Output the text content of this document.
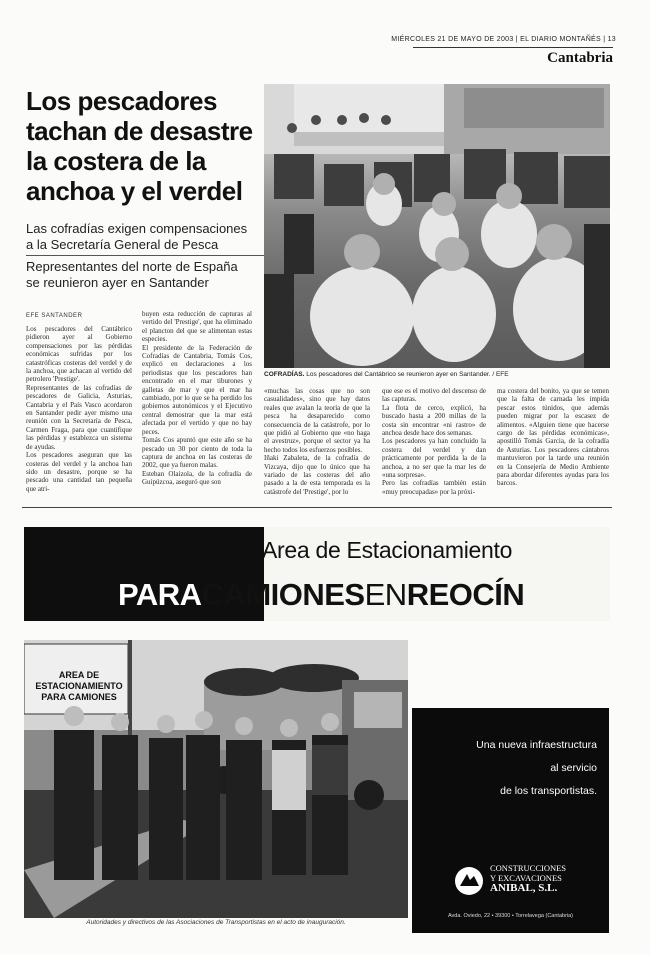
MIÉRCOLES 21 DE MAYO DE 2003 | EL DIARIO MONTAÑÉS | 13
Cantabria
Los pescadores
tachan de desastre
la costera de la
anchoa y el verdel
Las cofradías exigen compensaciones
a la Secretaría General de Pesca
Representantes del norte de España
se reunieron ayer en Santander
EFE SANTANDER
Los pescadores del Cantábrico pidieron ayer al Gobierno compensaciones por las pérdidas económicas sufridas por los catastróficas costeras del verdel y de la anchoa, que achacan al vertido del petrolero 'Prestige'.
Representantes de las cofradías de pescadores de Galicia, Asturias, Cantabria y el País Vasco acordaron en Santander pedir ayer mismo una reunión con la Secretaría de Pesca, Carmen Fraga, para que cuantifique las pérdidas y establezca un sistema de ayudas.
Los pescadores aseguran que las costeras del verdel y la anchoa han sido un desastre, porque se ha pescado una cantidad tan pequeña que atri-
buyen esta reducción de capturas al vertido del 'Prestige', que ha eliminado el plancton del que se alimentan estas especies.
El presidente de la Federación de Cofradías de Cantabria, Tomás Cos, explicó en declaraciones a los periodistas que los pescadores han encontrado en el mar tiburones y galletas de mar y que el mar ha cambiado, por lo que se ha perdido los gobiernos autonómicos y el Ejecutivo central demostrar que la mar está afectada por el vertido y que no hay peces.
Tomás Cos apuntó que este año se ha pescado un 30 por ciento de toda la captura de anchoa en las costeras de 2002, que ya fueron malas.
Esteban Olaizola, de la cofradía de Guipúzcoa, aseguró que son
«muchas las cosas que no son casualidades», sino que hay datos reales que avalan la teoría de que la pesca ha desaparecido como consecuencia de la catástrofe, por lo que pidió al Gobierno que «no haga el avestruz», porque el sector ya ha hecho todos los esfuerzos posibles.
Iñaki Zabaleta, de la cofradía de Vizcaya, dijo que lo único que ha variado de las costeras del año pasado a la de esta temporada es la catástrofe del 'Prestige', por lo
que ese es el motivo del descenso de las capturas.
La flota de cerco, explicó, ha buscado hasta a 200 millas de la costa sin encontrar «ni rastro» de anchoa desde hace dos semanas.
Los pescadores ya han concluido la costera del verdel y dan prácticamente por perdida la de la anchoa, a no ser que la mar les de «una sorpresa».
Pero las cofradías también están «muy preocupadas» por la próxi-
ma costera del bonito, ya que se temen que la falta de carnada les impida pescar estos túnidos, que además pueden migrar por la escasez de alimentos. «Alguien tiene que hacerse cargo de las pérdidas económicas», apostilló Tomás Garcia, de la cofradía de Asturias. Los pescadores cántabros mantuvieron por la tarde una reunión en la Consejería de Medio Ambiente para abordar diferentes ayudas para los barcos.
COFRADÍAS. Los pescadores del Cantábrico se reunieron ayer en Santander. / EFE
Area de Estacionamiento
PARACAMIONESENREOCÍN
AREA DE
ESTACIONAMIENTO
PARA CAMIONES
Autoridades y directivos de las Asociaciones de Transportistas en el acto de inauguración.
Una nueva infraestructura
al servicio
de los transportistas.
CONSTRUCCIONES
Y EXCAVACIONES
ANIBAL, S.L.
Avda. Oviedo, 22 • 39300 • Torrelavega (Cantabria)
